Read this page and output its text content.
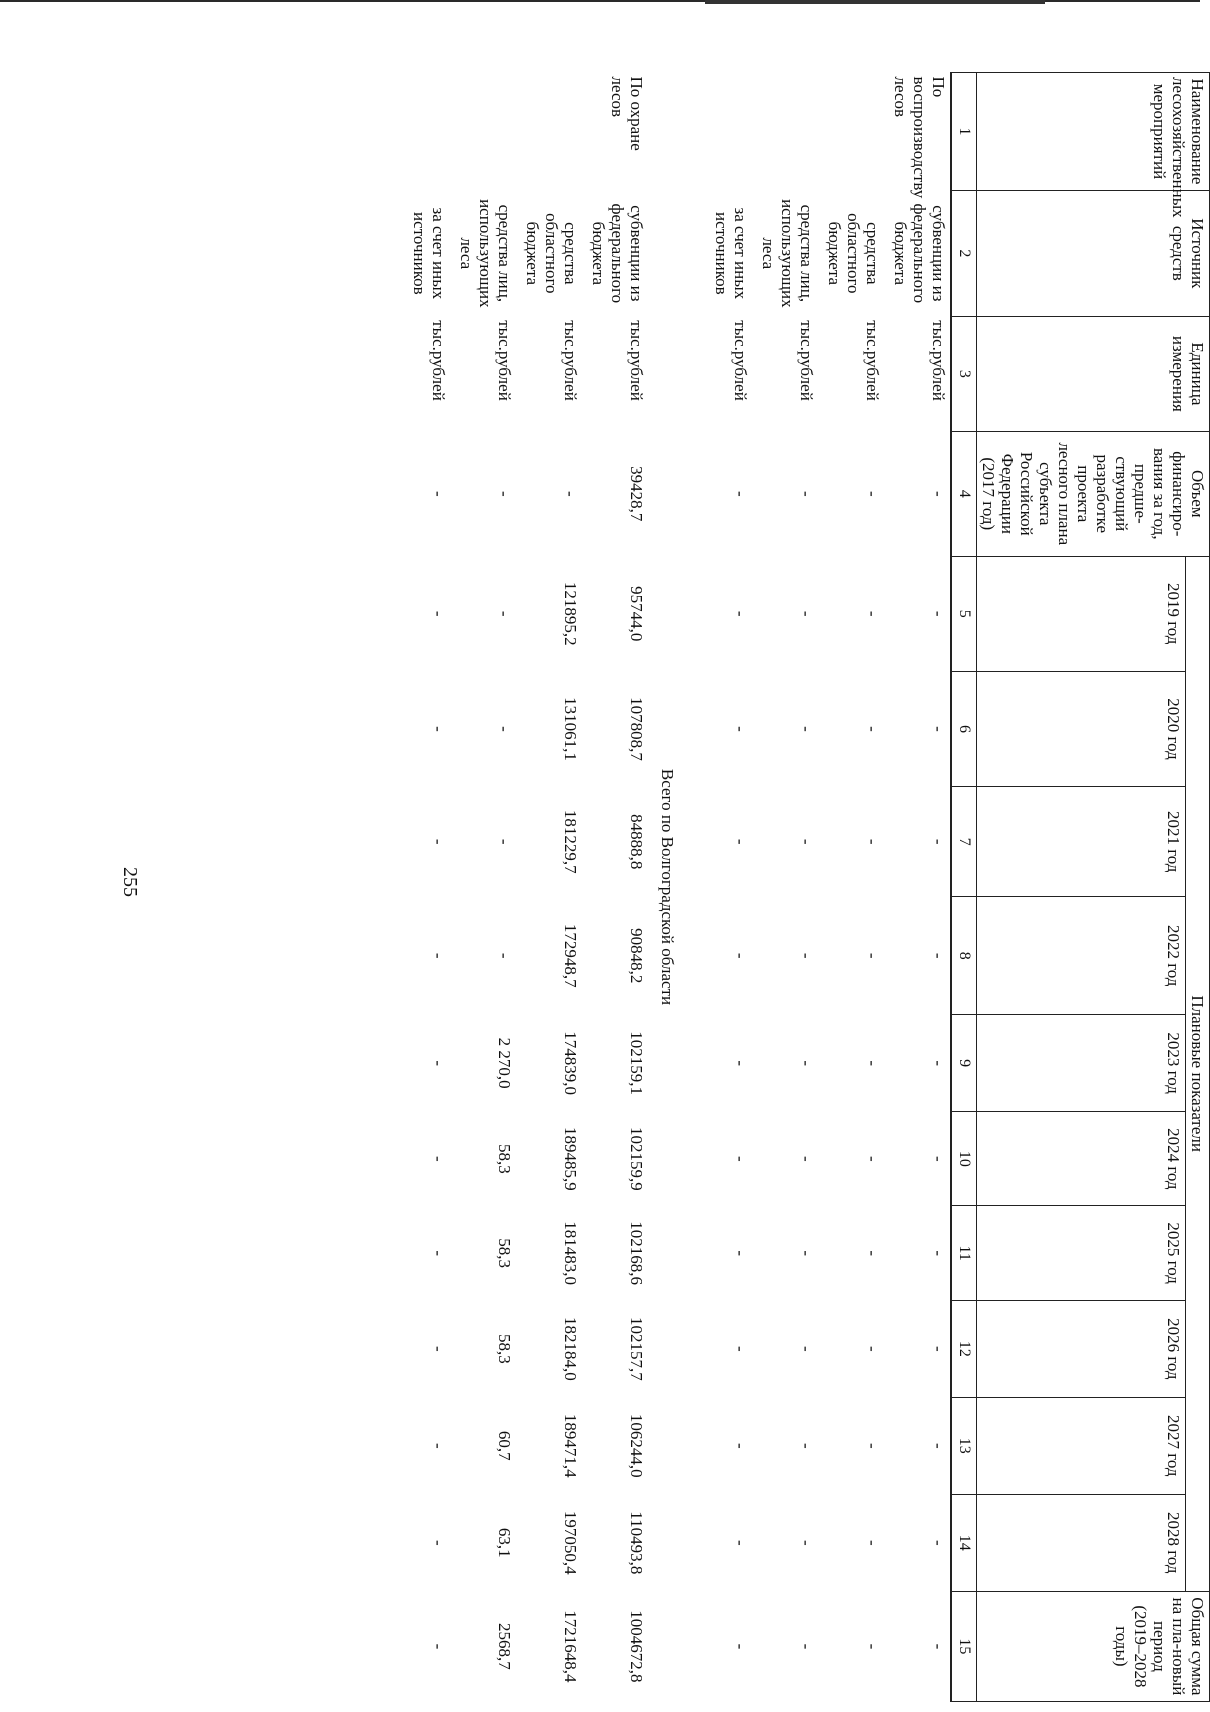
255
Наименование лесохозяйственных мероприятий	Источник средств	Единица измерения	Объем финансиро-вания за год, предше-ствующий разработке проекта лесного плана субъекта Российской Федерации (2017 год)	Плановые показатели										Общая сумма на пла-новый период (2019–2028 годы)
				2019 год	2020 год	2021 год	2022 год	2023 год	2024 год	2025 год	2026 год	2027 год	2028 год	
1	2	3	4	5	6	7	8	9	10	11	12	13	14	15
По воспроизводству лесов	субвенции из федерального бюджета	тыс.рублей	-	-	-	-	-	-	-	-	-	-	-	-
	средства областного бюджета	тыс.рублей	-	-	-	-	-	-	-	-	-	-	-	-
	средства лиц, использующих леса	тыс.рублей	-	-	-	-	-	-	-	-	-	-	-	-
	за счет иных источников	тыс.рублей	-	-	-	-	-	-	-	-	-	-	-	-
Всего по Волгоградской области														
По охране лесов	субвенции из федерального бюджета	тыс.рублей	39428,7	95744,0	107808,7	84888,8	90848,2	102159,1	102159,9	102168,6	102157,7	106244,0	110493,8	1004672,8
	средства областного бюджета	тыс.рублей	-	121895,2	131061,1	181229,7	172948,7	174839,0	189485,9	181483,0	182184,0	189471,4	197050,4	1721648,4
	средства лиц, использующих леса	тыс.рублей	-	-	-	-	-	2 270,0	58,3	58,3	58,3	60,7	63,1	2568,7
	за счет иных источников	тыс.рублей	-	-	-	-	-	-	-	-	-	-	-	-
